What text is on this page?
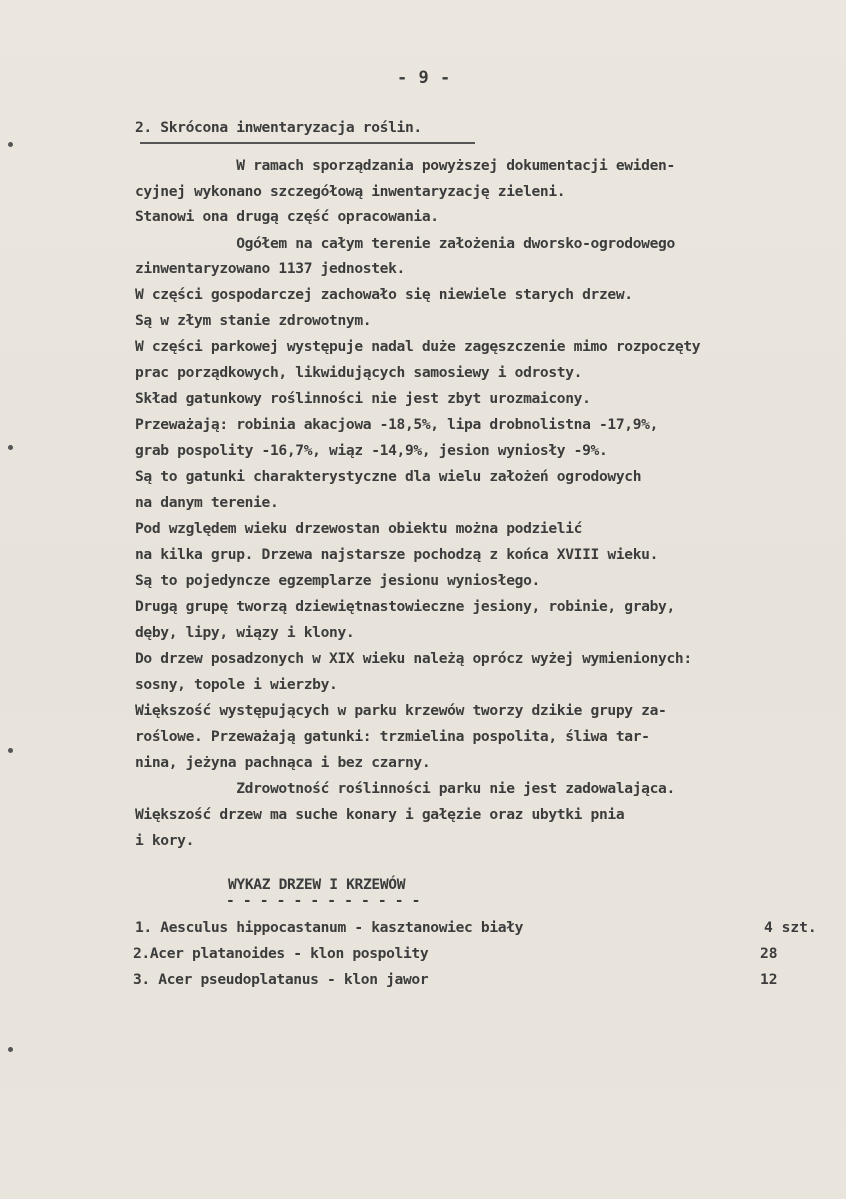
- 9 -
2. Skrócona inwentaryzacja roślin.
W ramach sporządzania powyższej dokumentacji ewiden-
cyjnej wykonano szczegółową inwentaryzację zieleni.
Stanowi ona drugą część opracowania.
Ogółem na całym terenie założenia dworsko-ogrodowego
zinwentaryzowano 1137 jednostek.
W części gospodarczej zachowało się niewiele starych drzew.
Są w złym stanie zdrowotnym.
W części parkowej występuje nadal duże zagęszczenie mimo rozpoczęty
prac porządkowych, likwidujących samosiewy i odrosty.
Skład gatunkowy roślinności nie jest zbyt urozmaicony.
Przeważają: robinia akacjowa -18,5%, lipa drobnolistna -17,9%,
grab pospolity -16,7%, wiąz -14,9%, jesion wyniosły -9%.
Są to gatunki charakterystyczne dla wielu założeń ogrodowych
na danym terenie.
Pod względem wieku drzewostan obiektu można podzielić
na kilka grup. Drzewa najstarsze pochodzą z końca XVIII wieku.
Są to pojedyncze egzemplarze jesionu wyniosłego.
Drugą grupę tworzą dziewiętnastowieczne jesiony, robinie, graby,
dęby, lipy, wiązy i klony.
Do drzew posadzonych w XIX wieku należą oprócz wyżej wymienionych:
sosny, topole i wierzby.
Większość występujących w parku krzewów tworzy dzikie grupy za-
roślowe. Przeważają gatunki: trzmielina pospolita, śliwa tar-
nina, jeżyna pachnąca i bez czarny.
Zdrowotność roślinności parku nie jest zadowalająca.
Większość drzew ma suche konary i gałęzie oraz ubytki pnia
i kory.
WYKAZ DRZEW I KRZEWÓW
- - - - - - - - - - - -
1. Aesculus hippocastanum - kasztanowiec biały	4 szt.
2.Acer platanoides - klon pospolity	28
3. Acer pseudoplatanus - klon jawor	12
